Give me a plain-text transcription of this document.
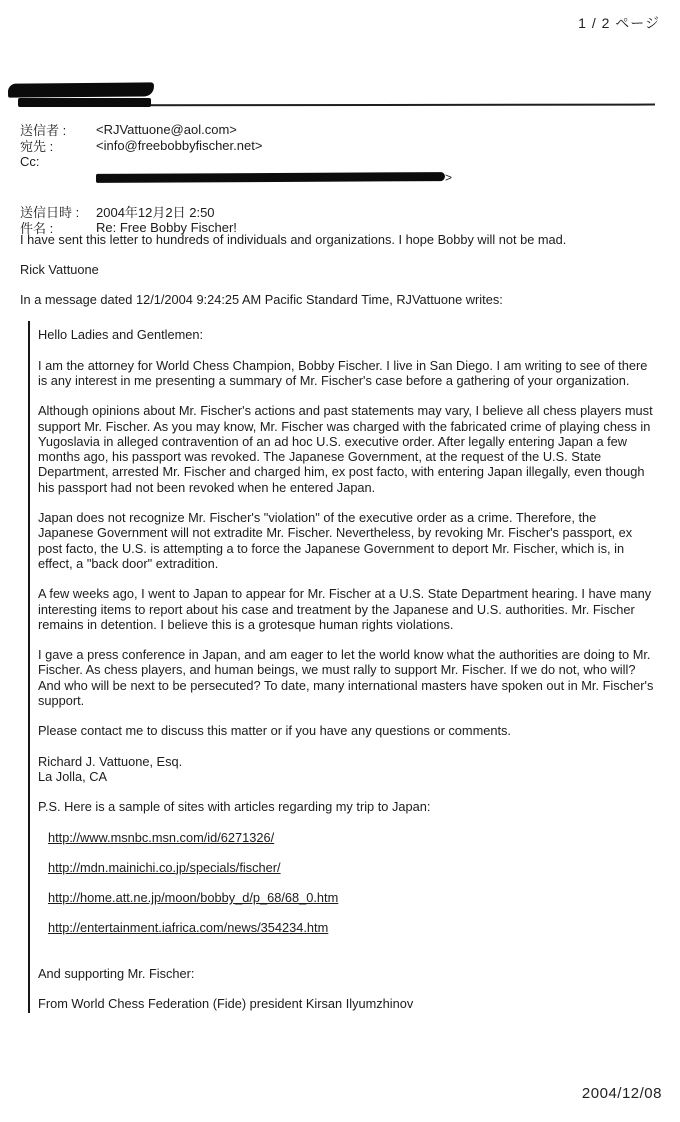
1 / 2 ページ
送信者 :	<RJVattuone@aol.com>
宛先 :	<info@freebobbyfischer.net>
Cc:
>
送信日時 :	2004年12月2日 2:50
件名 :	Re: Free Bobby Fischer!

I have sent this letter to hundreds of individuals and organizations. I hope Bobby will not be mad.

Rick Vattuone

In a message dated 12/1/2004 9:24:25 AM Pacific Standard Time, RJVattuone writes:

Hello Ladies and Gentlemen:

I am the attorney for World Chess Champion, Bobby Fischer. I live in San Diego. I am writing to see of there is any interest in me presenting a summary of Mr. Fischer's case before a gathering of your organization.

Although opinions about Mr. Fischer's actions and past statements may vary, I believe all chess players must support Mr. Fischer. As you may know, Mr. Fischer was charged with the fabricated crime of playing chess in Yugoslavia in alleged contravention of an ad hoc U.S. executive order. After legally entering Japan a few months ago, his passport was revoked. The Japanese Government, at the request of the U.S. State Department, arrested Mr. Fischer and charged him, ex post facto, with entering Japan illegally, even though his passport had not been revoked when he entered Japan.

Japan does not recognize Mr. Fischer's "violation" of the executive order as a crime. Therefore, the Japanese Government will not extradite Mr. Fischer. Nevertheless, by revoking Mr. Fischer's passport, ex post facto, the U.S. is attempting a to force the Japanese Government to deport Mr. Fischer, which is, in effect, a "back door" extradition.

A few weeks ago, I went to Japan to appear for Mr. Fischer at a U.S. State Department hearing. I have many interesting items to report about his case and treatment by the Japanese and U.S. authorities. Mr. Fischer remains in detention. I believe this is a grotesque human rights violations.

I gave a press conference in Japan, and am eager to let the world know what the authorities are doing to Mr. Fischer. As chess players, and human beings, we must rally to support Mr. Fischer. If we do not, who will? And who will be next to be persecuted? To date, many international masters have spoken out in Mr. Fischer's support.

Please contact me to discuss this matter or if you have any questions or comments.

Richard J. Vattuone, Esq.

La Jolla, CA

P.S. Here is a sample of sites with articles regarding my trip to Japan:

http://www.msnbc.msn.com/id/6271326/

http://mdn.mainichi.co.jp/specials/fischer/

http://home.att.ne.jp/moon/bobby_d/p_68/68_0.htm

http://entertainment.iafrica.com/news/354234.htm

And supporting Mr. Fischer:

From World Chess Federation (Fide) president Kirsan Ilyumzhinov

2004/12/08
